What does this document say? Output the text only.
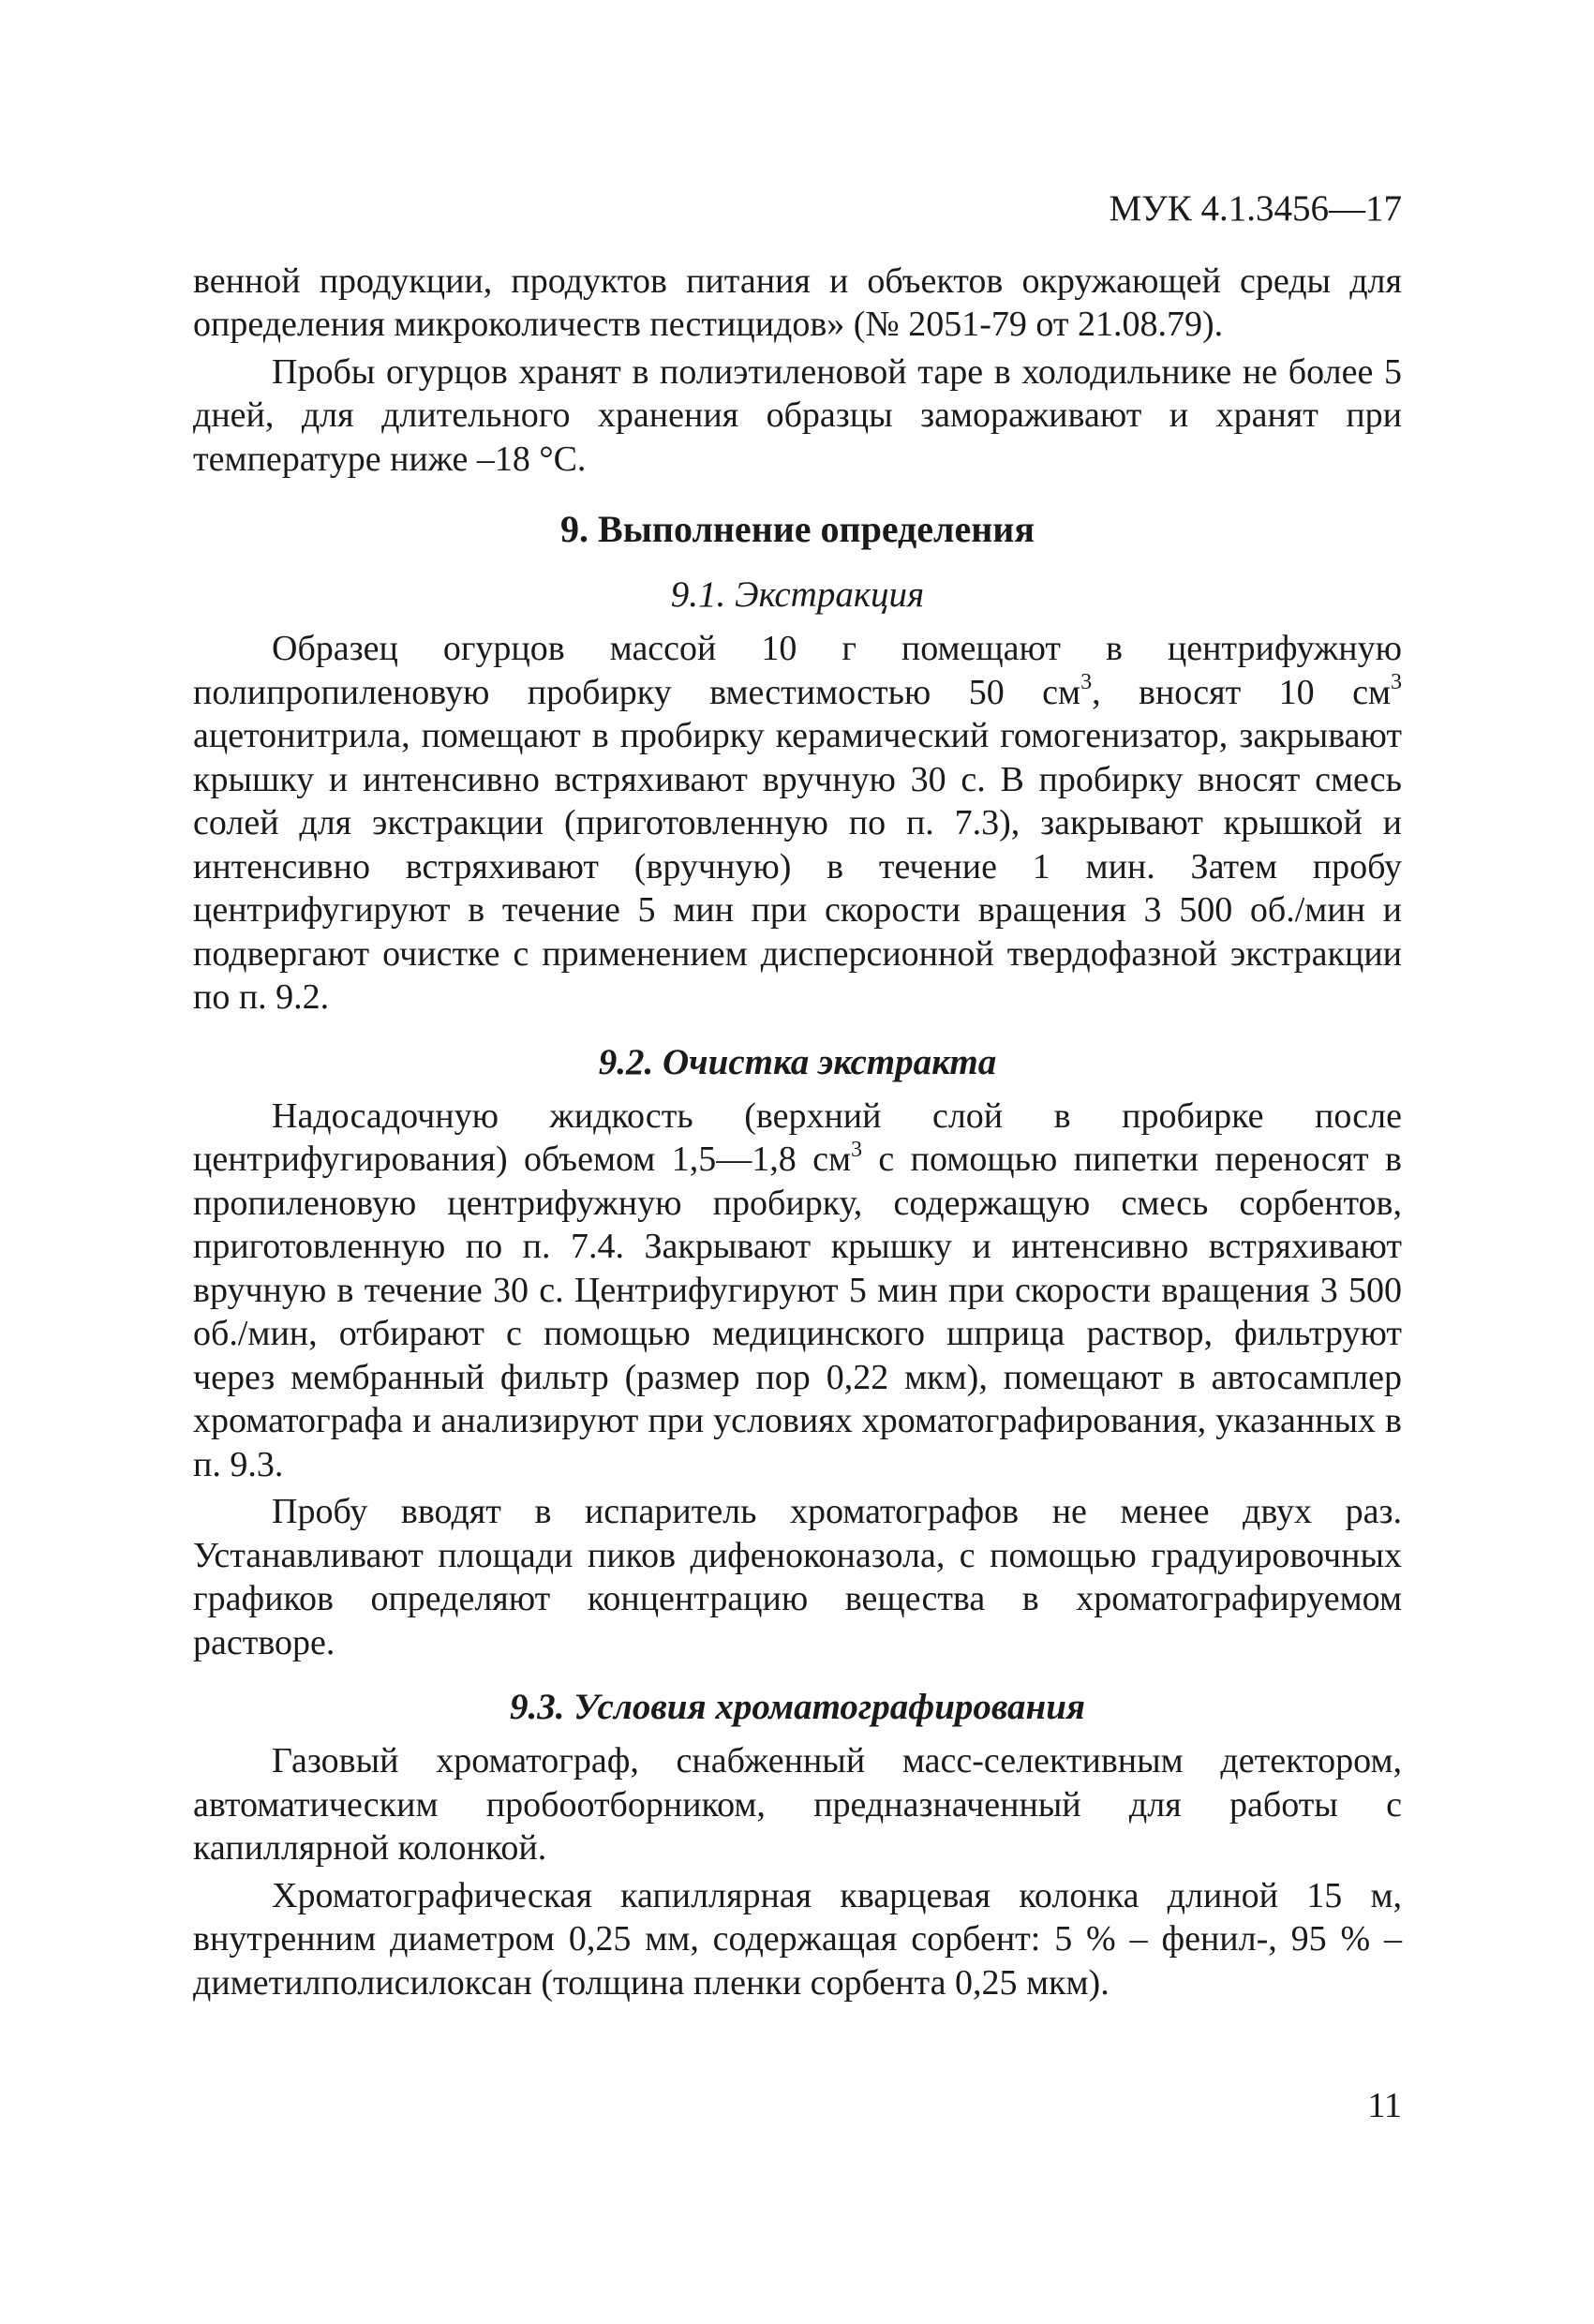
МУК 4.1.3456—17

венной продукции, продуктов питания и объектов окружающей среды для определения микроколичеств пестицидов» (№ 2051-79 от 21.08.79).

Пробы огурцов хранят в полиэтиленовой таре в холодильнике не более 5 дней, для длительного хранения образцы замораживают и хранят при температуре ниже –18 °С.

9. Выполнение определения
9.1. Экстракция

Образец огурцов массой 10 г помещают в центрифужную полипропиленовую пробирку вместимостью 50 $см^3$, вносят 10 $см^3$ ацетонитрила, помещают в пробирку керамический гомогенизатор, закрывают крышку и интенсивно встряхивают вручную 30 с. В пробирку вносят смесь солей для экстракции (приготовленную по п. 7.3), закрывают крышкой и интенсивно встряхивают (вручную) в течение 1 мин. Затем пробу центрифугируют в течение 5 мин при скорости вращения 3 500 об./мин и подвергают очистке с применением дисперсионной твердофазной экстракции по п. 9.2.

9.2. Очистка экстракта

Надосадочную жидкость (верхний слой в пробирке после центрифугирования) объемом 1,5—1,8 $см^3$ с помощью пипетки переносят в пропиленовую центрифужную пробирку, содержащую смесь сорбентов, приготовленную по п. 7.4. Закрывают крышку и интенсивно встряхивают вручную в течение 30 с. Центрифугируют 5 мин при скорости вращения 3 500 об./мин, отбирают с помощью медицинского шприца раствор, фильтруют через мембранный фильтр (размер пор 0,22 мкм), помещают в автосамплер хроматографа и анализируют при условиях хроматографирования, указанных в п. 9.3.

Пробу вводят в испаритель хроматографов не менее двух раз. Устанавливают площади пиков дифеноконазола, с помощью градуировочных графиков определяют концентрацию вещества в хроматографируемом растворе.

9.3. Условия хроматографирования

Газовый хроматограф, снабженный масс-селективным детектором, автоматическим пробоотборником, предназначенный для работы с капиллярной колонкой.

Хроматографическая капиллярная кварцевая колонка длиной 15 м, внутренним диаметром 0,25 мм, содержащая сорбент: 5 % – фенил-, 95 % – диметилполисилоксан (толщина пленки сорбента 0,25 мкм).

11
